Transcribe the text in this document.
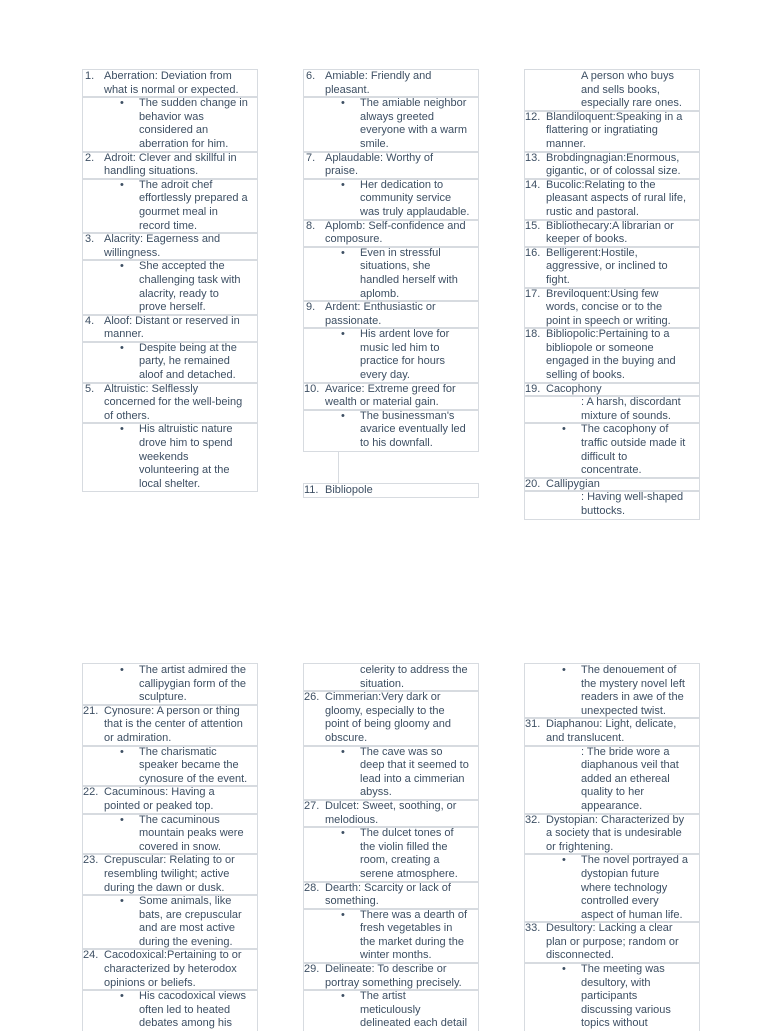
1. Aberration: Deviation from
what is normal or expected.
• The sudden change in
behavior was
considered an
aberration for him.
2. Adroit: Clever and skillful in
handling situations.
• The adroit chef
effortlessly prepared a
gourmet meal in
record time.
3. Alacrity: Eagerness and
willingness.
• She accepted the
challenging task with
alacrity, ready to
prove herself.
4. Aloof: Distant or reserved in
manner.
• Despite being at the
party, he remained
aloof and detached.
5. Altruistic: Selflessly
concerned for the well-being
of others.
• His altruistic nature
drove him to spend
weekends
volunteering at the
local shelter.
6. Amiable: Friendly and
pleasant.
• The amiable neighbor
always greeted
everyone with a warm
smile.
7. Aplaudable: Worthy of
praise.
• Her dedication to
community service
was truly applaudable.
8. Aplomb: Self-confidence and
composure.
• Even in stressful
situations, she
handled herself with
aplomb.
9. Ardent: Enthusiastic or
passionate.
• His ardent love for
music led him to
practice for hours
every day.
10. Avarice: Extreme greed for
wealth or material gain.
• The businessman's
avarice eventually led
to his downfall.
11. Bibliopole
A person who buys
and sells books,
especially rare ones.
12. Blandiloquent:Speaking in a
flattering or ingratiating
manner.
13. Brobdingnagian:Enormous,
gigantic, or of colossal size.
14. Bucolic:Relating to the
pleasant aspects of rural life,
rustic and pastoral.
15. Bibliothecary:A librarian or
keeper of books.
16. Belligerent:Hostile,
aggressive, or inclined to
fight.
17. Breviloquent:Using few
words, concise or to the
point in speech or writing.
18. Bibliopolic:Pertaining to a
bibliopole or someone
engaged in the buying and
selling of books.
19. Cacophony
: A harsh, discordant
mixture of sounds.
• The cacophony of
traffic outside made it
difficult to
concentrate.
20. Callipygian
: Having well-shaped
buttocks.
• The artist admired the
callipygian form of the
sculpture.
21. Cynosure: A person or thing
that is the center of attention
or admiration.
• The charismatic
speaker became the
cynosure of the event.
22. Cacuminous: Having a
pointed or peaked top.
• The cacuminous
mountain peaks were
covered in snow.
23. Crepuscular: Relating to or
resembling twilight; active
during the dawn or dusk.
• Some animals, like
bats, are crepuscular
and are most active
during the evening.
24. Cacodoxical:Pertaining to or
characterized by heterodox
opinions or beliefs.
• His cacodoxical views
often led to heated
debates among his
celerity to address the
situation.
26. Cimmerian:Very dark or
gloomy, especially to the
point of being gloomy and
obscure.
• The cave was so
deep that it seemed to
lead into a cimmerian
abyss.
27. Dulcet: Sweet, soothing, or
melodious.
• The dulcet tones of
the violin filled the
room, creating a
serene atmosphere.
28. Dearth: Scarcity or lack of
something.
• There was a dearth of
fresh vegetables in
the market during the
winter months.
29. Delineate: To describe or
portray something precisely.
• The artist
meticulously
delineated each detail
• The denouement of
the mystery novel left
readers in awe of the
unexpected twist.
31. Diaphanou: Light, delicate,
and translucent.
: The bride wore a
diaphanous veil that
added an ethereal
quality to her
appearance.
32. Dystopian: Characterized by
a society that is undesirable
or frightening.
• The novel portrayed a
dystopian future
where technology
controlled every
aspect of human life.
33. Desultory: Lacking a clear
plan or purpose; random or
disconnected.
• The meeting was
desultory, with
participants
discussing various
topics without
